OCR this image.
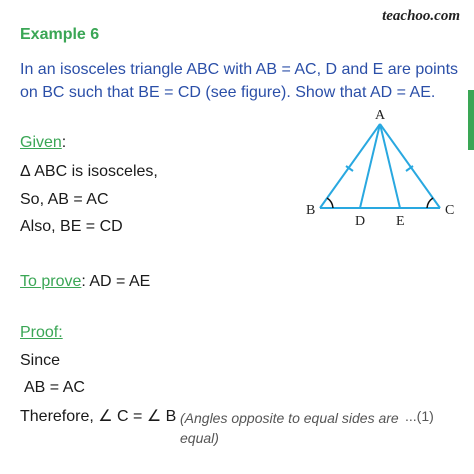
teachoo.com
Example 6
In an isosceles triangle ABC with AB = AC, D and E are points on BC such that BE = CD (see figure). Show that AD = AE.
Given:
Δ ABC is isosceles,
So, AB = AC
Also, BE = CD
To prove: AD = AE
Proof:
Since
AB = AC
Therefore, ∠ C = ∠ B (Angles opposite to equal sides are equal)
...(1)
A
B	C
D E
